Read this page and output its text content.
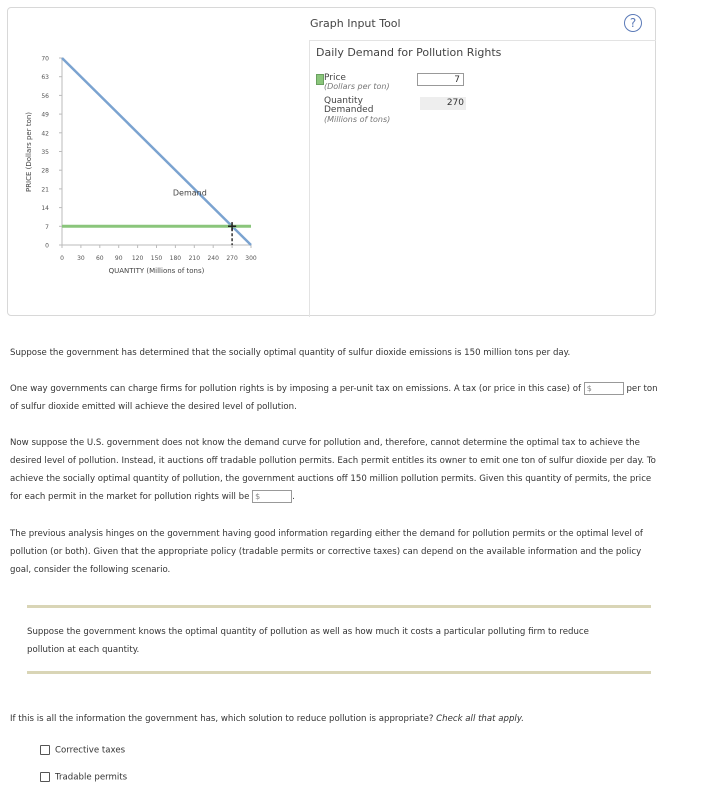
0
7
14
21
28
35
42
49
56
63
70
0 30 60 90 120 150 180 210 240 270 300
Demand
+
QUANTITY (Millions of tons)
PRICE (Dollars per ton)
Graph Input Tool	?
Daily Demand for Pollution Rights
Price
(Dollars per ton)
7
Quantity
Demanded
(Millions of tons)
270
Suppose the government has determined that the socially optimal quantity of sulfur dioxide emissions is 150 million tons per day.
One way governments can charge firms for pollution rights is by imposing a per-unit tax on emissions. A tax (or price in this case) of $	per ton
of sulfur dioxide emitted will achieve the desired level of pollution.
Now suppose the U.S. government does not know the demand curve for pollution and, therefore, cannot determine the optimal tax to achieve the
desired level of pollution. Instead, it auctions off tradable pollution permits. Each permit entitles its owner to emit one ton of sulfur dioxide per day. To
achieve the socially optimal quantity of pollution, the government auctions off 150 million pollution permits. Given this quantity of permits, the price
for each permit in the market for pollution rights will be $	.
The previous analysis hinges on the government having good information regarding either the demand for pollution permits or the optimal level of
pollution (or both). Given that the appropriate policy (tradable permits or corrective taxes) can depend on the available information and the policy
goal, consider the following scenario.
Suppose the government knows the optimal quantity of pollution as well as how much it costs a particular polluting firm to reduce
pollution at each quantity.
If this is all the information the government has, which solution to reduce pollution is appropriate? Check all that apply.
Corrective taxes
Tradable permits
